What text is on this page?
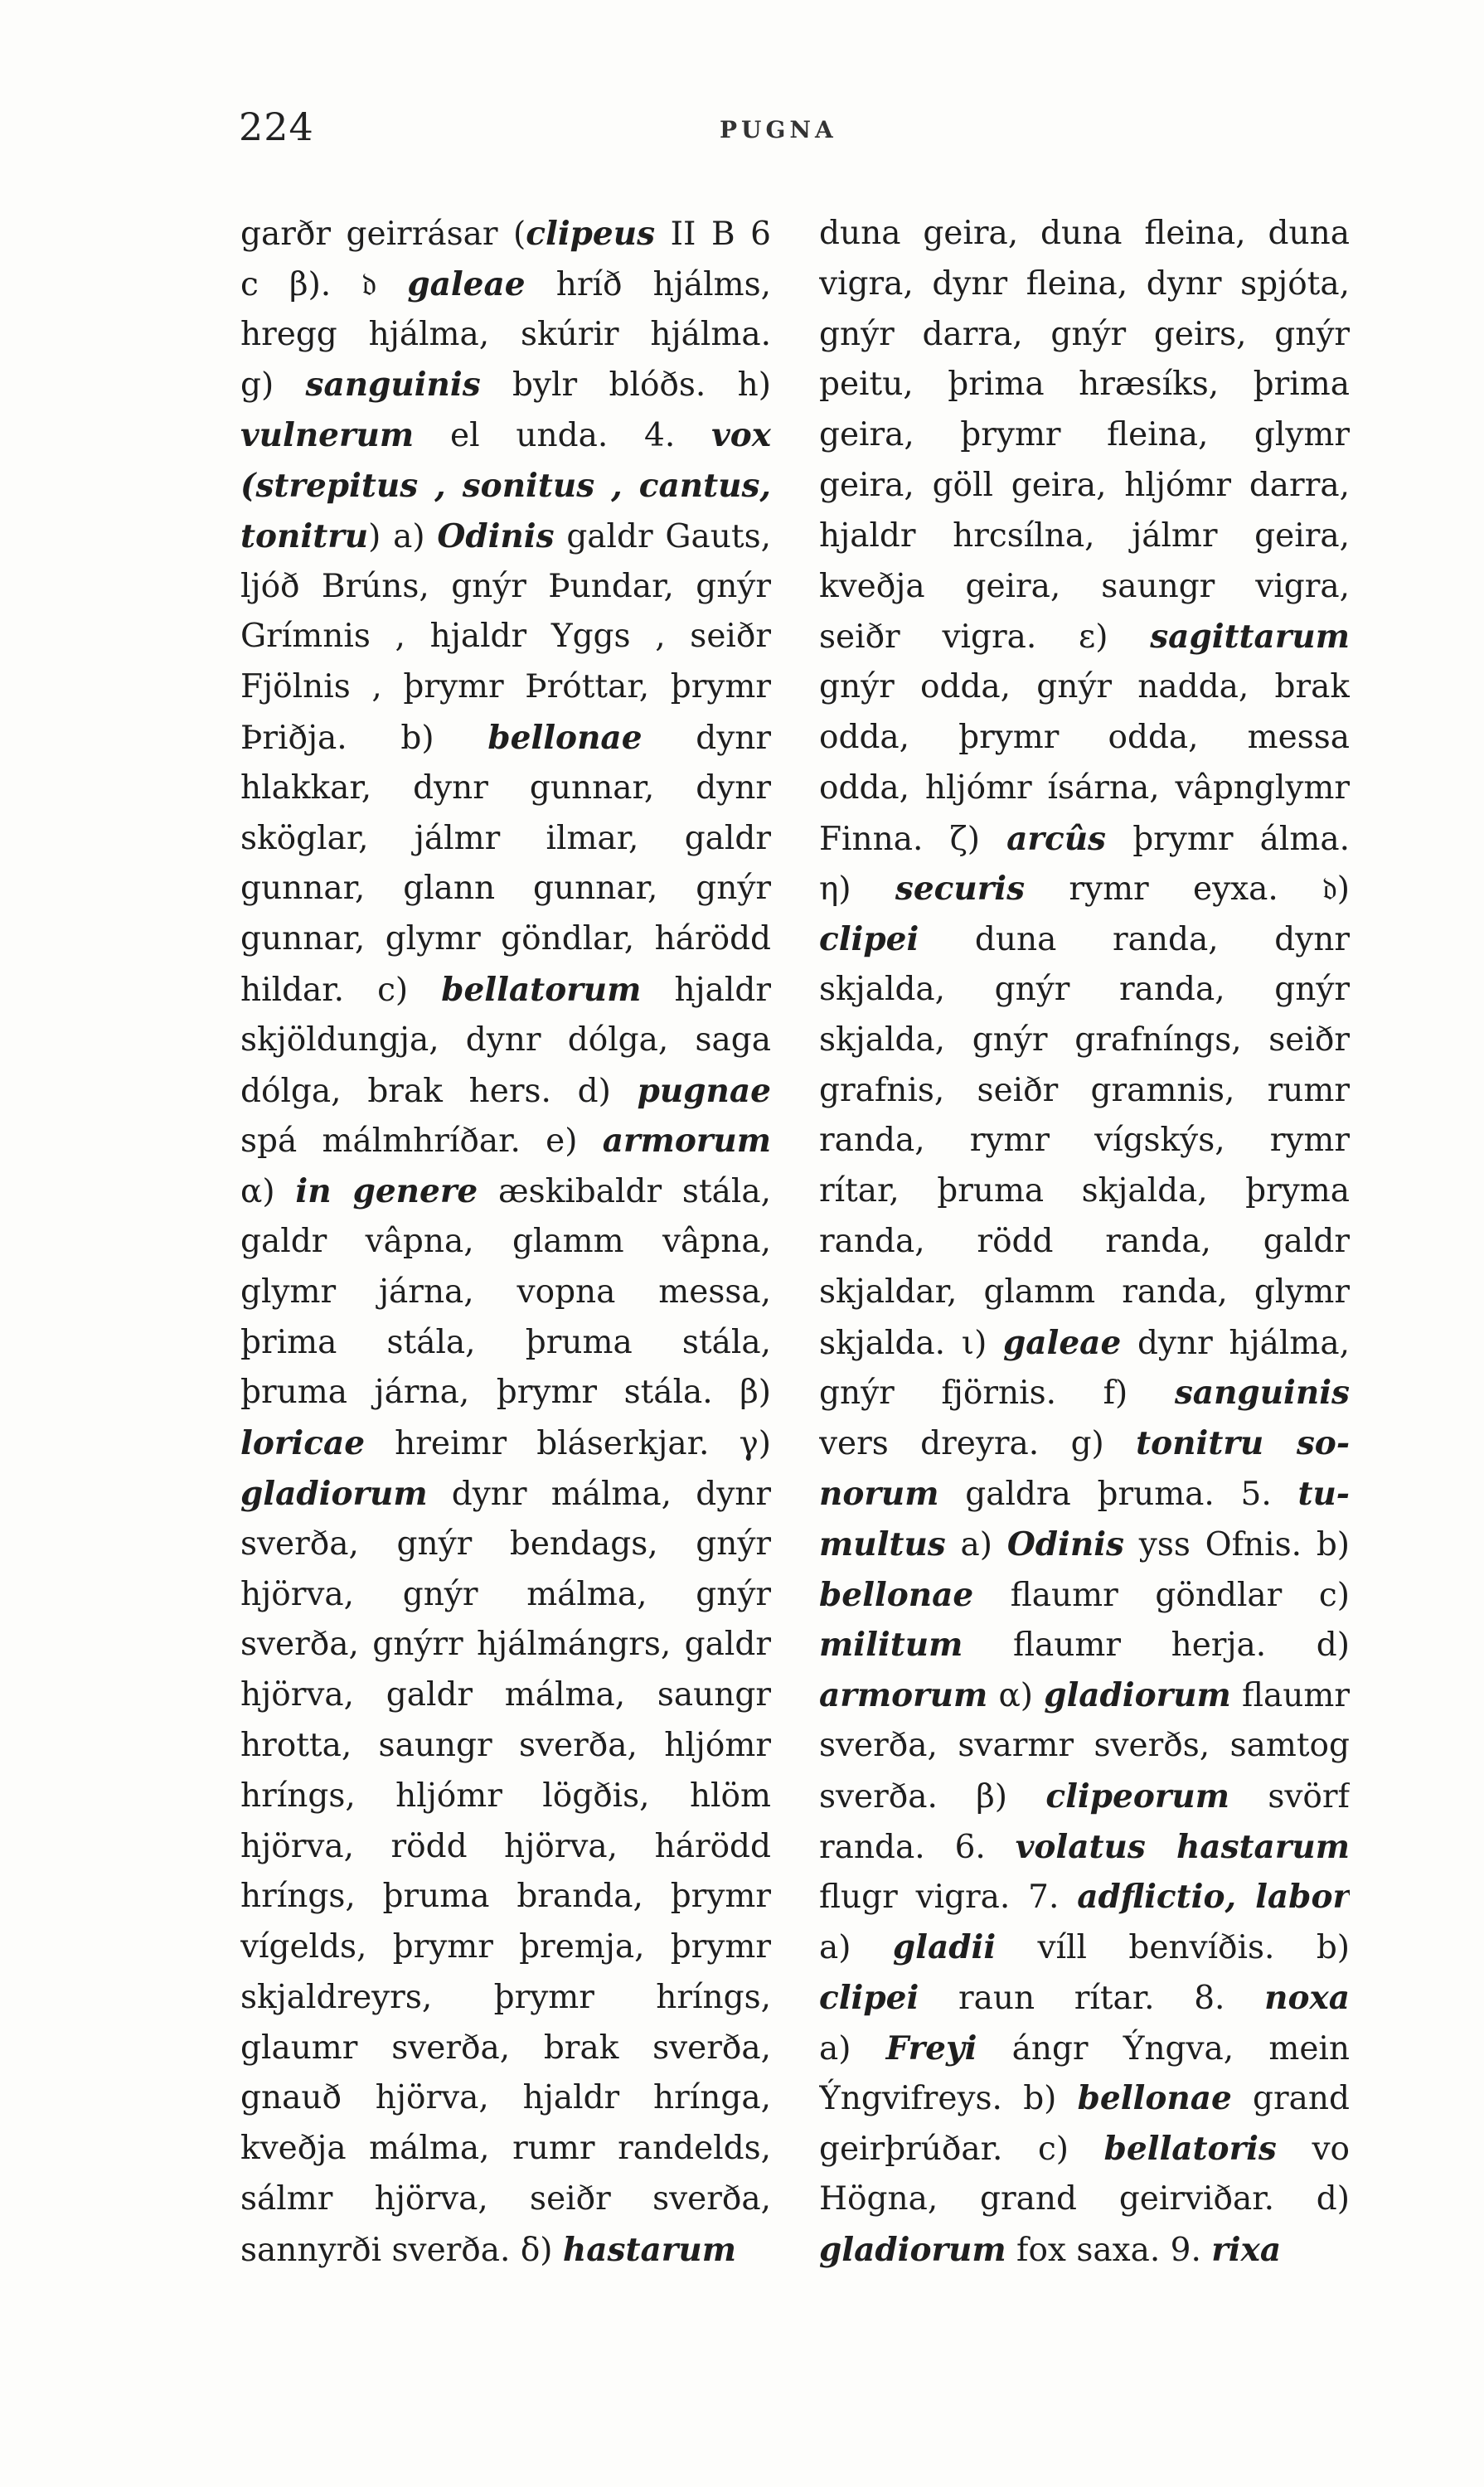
224	PUGNA
garðr geirrásar (clipeus II B 6
c β). 𝔡 galeae hríð hjálms,
hregg hjálma, skúrir hjálma.
g) sanguinis bylr blóðs. h)
vulnerum el unda. 4. vox
(strepitus , sonitus , cantus,
tonitru) a) Odinis galdr Gauts,
ljóð Brúns, gnýr Þundar, gnýr
Grímnis , hjaldr Yggs , seiðr
Fjölnis , þrymr Þróttar, þrymr
Þriðja. b) bellonae dynr
hlakkar, dynr gunnar, dynr
sköglar, jálmr ilmar, galdr
gunnar, glann gunnar, gnýr
gunnar, glymr göndlar, hárödd
hildar. c) bellatorum hjaldr
skjöldungja, dynr dólga, saga
dólga, brak hers. d) pugnae
spá málmhríðar. e) armorum
α) in genere æskibaldr stála,
galdr vâpna, glamm vâpna,
glymr járna, vopna messa,
þrima stála, þruma stála,
þruma járna, þrymr stála. β)
loricae hreimr bláserkjar. γ)
gladiorum dynr málma, dynr
sverða, gnýr bendags, gnýr
hjörva, gnýr málma, gnýr
sverða, gnýrr hjálmángrs, galdr
hjörva, galdr málma, saungr
hrotta, saungr sverða, hljómr
hríngs, hljómr lögðis, hlöm
hjörva, rödd hjörva, hárödd
hríngs, þruma branda, þrymr
vígelds, þrymr þremja, þrymr
skjaldreyrs, þrymr hríngs,
glaumr sverða, brak sverða,
gnauð hjörva, hjaldr hrínga,
kveðja málma, rumr randelds,
sálmr hjörva, seiðr sverða,
sannyrði sverða. δ) hastarum
duna geira, duna fleina, duna
vigra, dynr fleina, dynr spjóta,
gnýr darra, gnýr geirs, gnýr
peitu, þrima hræsíks, þrima
geira, þrymr fleina, glymr
geira, göll geira, hljómr darra,
hjaldr hrcsílna, jálmr geira,
kveðja geira, saungr vigra,
seiðr vigra. ε) sagittarum
gnýr odda, gnýr nadda, brak
odda, þrymr odda, messa
odda, hljómr ísárna, vâpnglymr
Finna. ζ) arcûs þrymr álma.
η) securis rymr eyxa. 𝔡)
clipei duna randa, dynr
skjalda, gnýr randa, gnýr
skjalda, gnýr grafníngs, seiðr
grafnis, seiðr gramnis, rumr
randa, rymr vígskýs, rymr
rítar, þruma skjalda, þryma
randa, rödd randa, galdr
skjaldar, glamm randa, glymr
skjalda. ι) galeae dynr hjálma,
gnýr fjörnis. f) sanguinis
vers dreyra. g) tonitru so-
norum galdra þruma. 5. tu-
multus a) Odinis yss Ofnis. b)
bellonae flaumr göndlar c)
militum flaumr herja. d)
armorum α) gladiorum flaumr
sverða, svarmr sverðs, samtog
sverða. β) clipeorum svörf
randa. 6. volatus hastarum
flugr vigra. 7. adflictio, labor
a) gladii víll benvíðis. b)
clipei raun rítar. 8. noxa
a) Freyi ángr Ýngva, mein
Ýngvifreys. b) bellonae grand
geirþrúðar. c) bellatoris vo
Högna, grand geirviðar. d)
gladiorum fox saxa. 9. rixa
